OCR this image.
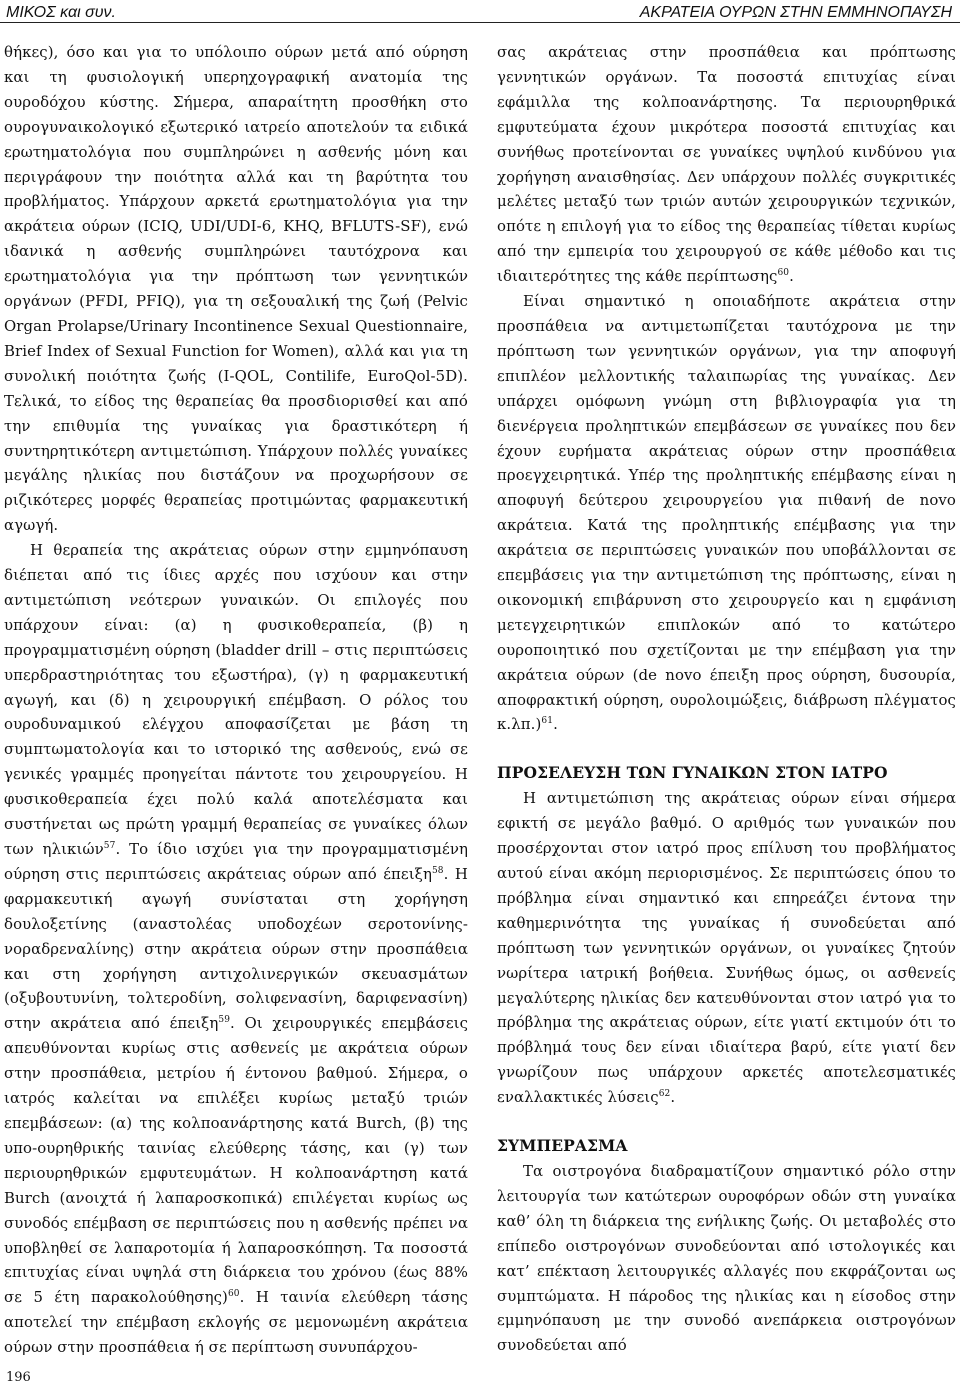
ΜΙΚΟΣ και συν.	ΑΚΡΑΤΕΙΑ ΟΥΡΩΝ ΣΤΗΝ ΕΜΜΗΝΟΠΑΥΣΗ

θήκες), όσο και για το υπόλοιπο ούρων μετά από ούρηση και τη φυσιολογική υπερηχογραφική ανατομία της ουροδόχου κύστης. Σήμερα, απαραίτητη προσθήκη στο ουρογυναικολογικό εξωτερικό ιατρείο αποτελούν τα ειδικά ερωτηματολόγια που συμπληρώνει η ασθενής μόνη και περιγράφουν την ποιότητα αλλά και τη βαρύτητα του προβλήματος. Υπάρχουν αρκετά ερωτηματολόγια για την ακράτεια ούρων (ICIQ, UDI/UDI-6, KHQ, BFLUTS-SF), ενώ ιδανικά η ασθενής συμπληρώνει ταυτόχρονα και ερωτηματολόγια για την πρόπτωση των γεννητικών οργάνων (PFDI, PFIQ), για τη σεξουαλική της ζωή (Pelvic Organ Prolapse/Urinary Incontinence Sexual Questionnaire, Brief Index of Sexual Function for Women), αλλά και για τη συνολική ποιότητα ζωής (I-QOL, Contilife, EuroQol-5D). Τελικά, το είδος της θεραπείας θα προσδιορισθεί και από την επιθυμία της γυναίκας για δραστικότερη ή συντηρητικότερη αντιμετώπιση. Υπάρχουν πολλές γυναίκες μεγάλης ηλικίας που διστάζουν να προχωρήσουν σε ριζικότερες μορφές θεραπείας προτιμώντας φαρμακευτική αγωγή.

Η θεραπεία της ακράτειας ούρων στην εμμηνόπαυση διέπεται από τις ίδιες αρχές που ισχύουν και στην αντιμετώπιση νεότερων γυναικών. Οι επιλογές που υπάρχουν είναι: (α) η φυσικοθεραπεία, (β) η προγραμματισμένη ούρηση (bladder drill – στις περιπτώσεις υπερδραστηριότητας του εξωστήρα), (γ) η φαρμακευτική αγωγή, και (δ) η χειρουργική επέμβαση. Ο ρόλος του ουροδυναμικού ελέγχου αποφασίζεται με βάση τη συμπτωματολογία και το ιστορικό της ασθενούς, ενώ σε γενικές γραμμές προηγείται πάντοτε του χειρουργείου. Η φυσικοθεραπεία έχει πολύ καλά αποτελέσματα και συστήνεται ως πρώτη γραμμή θεραπείας σε γυναίκες όλων των ηλικιών$^{57}$. Το ίδιο ισχύει για την προγραμματισμένη ούρηση στις περιπτώσεις ακράτειας ούρων από έπειξη$^{58}$. Η φαρμακευτική αγωγή συνίσταται στη χορήγηση δουλοξετίνης (αναστολέας υποδοχέων σεροτονίνης-νοραδρεναλίνης) στην ακράτεια ούρων στην προσπάθεια και στη χορήγηση αντιχολινεργικών σκευασμάτων (οξυβουτυνίνη, τολτεροδίνη, σολιφενασίνη, δαριφενασίνη) στην ακράτεια από έπειξη$^{59}$. Οι χειρουργικές επεμβάσεις απευθύνονται κυρίως στις ασθενείς με ακράτεια ούρων στην προσπάθεια, μετρίου ή έντονου βαθμού. Σήμερα, ο ιατρός καλείται να επιλέξει κυρίως μεταξύ τριών επεμβάσεων: (α) της κολποανάρτησης κατά Burch, (β) της υπο-ουρηθρικής ταινίας ελεύθερης τάσης, και (γ) των περιουρηθρικών εμφυτευμάτων. Η κολποανάρτηση κατά Burch (ανοιχτά ή λαπαροσκοπικά) επιλέγεται κυρίως ως συνοδός επέμβαση σε περιπτώσεις που η ασθενής πρέπει να υποβληθεί σε λαπαροτομία ή λαπαροσκόπηση. Τα ποσοστά επιτυχίας είναι υψηλά στη διάρκεια του χρόνου (έως 88% σε 5 έτη παρακολούθησης)$^{60}$. Η ταινία ελεύθερη τάσης αποτελεί την επέμβαση εκλογής σε μεμονωμένη ακράτεια ούρων στην προσπάθεια ή σε περίπτωση συνυπάρχου-

σας ακράτειας στην προσπάθεια και πρόπτωσης γεννητικών οργάνων. Τα ποσοστά επιτυχίας είναι εφάμιλλα της κολποανάρτησης. Τα περιουρηθρικά εμφυτεύματα έχουν μικρότερα ποσοστά επιτυχίας και συνήθως προτείνονται σε γυναίκες υψηλού κινδύνου για χορήγηση αναισθησίας. Δεν υπάρχουν πολλές συγκριτικές μελέτες μεταξύ των τριών αυτών χειρουργικών τεχνικών, οπότε η επιλογή για το είδος της θεραπείας τίθεται κυρίως από την εμπειρία του χειρουργού σε κάθε μέθοδο και τις ιδιαιτερότητες της κάθε περίπτωσης$^{60}$.

Είναι σημαντικό η οποιαδήποτε ακράτεια στην προσπάθεια να αντιμετωπίζεται ταυτόχρονα με την πρόπτωση των γεννητικών οργάνων, για την αποφυγή επιπλέον μελλοντικής ταλαιπωρίας της γυναίκας. Δεν υπάρχει ομόφωνη γνώμη στη βιβλιογραφία για τη διενέργεια προληπτικών επεμβάσεων σε γυναίκες που δεν έχουν ευρήματα ακράτειας ούρων στην προσπάθεια προεγχειρητικά. Υπέρ της προληπτικής επέμβασης είναι η αποφυγή δεύτερου χειρουργείου για πιθανή de novo ακράτεια. Κατά της προληπτικής επέμβασης για την ακράτεια σε περιπτώσεις γυναικών που υποβάλλονται σε επεμβάσεις για την αντιμετώπιση της πρόπτωσης, είναι η οικονομική επιβάρυνση στο χειρουργείο και η εμφάνιση μετεγχειρητικών επιπλοκών από το κατώτερο ουροποιητικό που σχετίζονται με την επέμβαση για την ακράτεια ούρων (de novo έπειξη προς ούρηση, δυσουρία, αποφρακτική ούρηση, ουρολοιμώξεις, διάβρωση πλέγματος κ.λπ.)$^{61}$.

ΠΡΟΣΕΛΕΥΣΗ ΤΩΝ ΓΥΝΑΙΚΩΝ ΣΤΟΝ ΙΑΤΡΟ

Η αντιμετώπιση της ακράτειας ούρων είναι σήμερα εφικτή σε μεγάλο βαθμό. Ο αριθμός των γυναικών που προσέρχονται στον ιατρό προς επίλυση του προβλήματος αυτού είναι ακόμη περιορισμένος. Σε περιπτώσεις όπου το πρόβλημα είναι σημαντικό και επηρεάζει έντονα την καθημερινότητα της γυναίκας ή συνοδεύεται από πρόπτωση των γεννητικών οργάνων, οι γυναίκες ζητούν νωρίτερα ιατρική βοήθεια. Συνήθως όμως, οι ασθενείς μεγαλύτερης ηλικίας δεν κατευθύνονται στον ιατρό για το πρόβλημα της ακράτειας ούρων, είτε γιατί εκτιμούν ότι το πρόβλημά τους δεν είναι ιδιαίτερα βαρύ, είτε γιατί δεν γνωρίζουν πως υπάρχουν αρκετές αποτελεσματικές εναλλακτικές λύσεις$^{62}$.

ΣΥΜΠΕΡΑΣΜΑ

Τα οιστρογόνα διαδραματίζουν σημαντικό ρόλο στην λειτουργία των κατώτερων ουροφόρων οδών στη γυναίκα καθ’ όλη τη διάρκεια της ενήλικης ζωής. Οι μεταβολές στο επίπεδο οιστρογόνων συνοδεύονται από ιστολογικές και κατ’ επέκταση λειτουργικές αλλαγές που εκφράζονται ως συμπτώματα. Η πάροδος της ηλικίας και η είσοδος στην εμμηνόπαυση με την συνοδό ανεπάρκεια οιστρογόνων συνοδεύεται από

196
